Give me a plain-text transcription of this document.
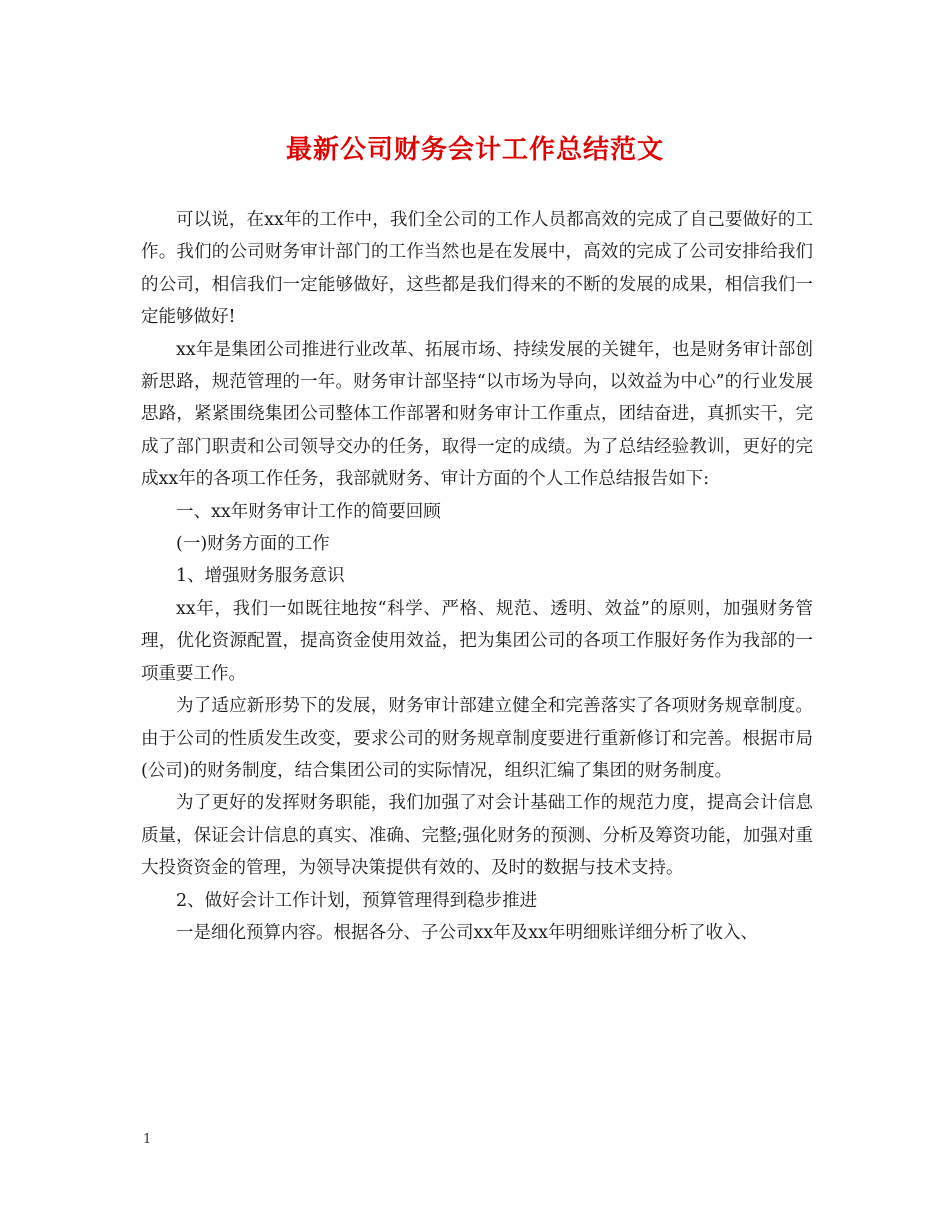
最新公司财务会计工作总结范文

可以说，在xx年的工作中，我们全公司的工作人员都高效的完成了自己要做好的工作。我们的公司财务审计部门的工作当然也是在发展中，高效的完成了公司安排给我们的公司，相信我们一定能够做好，这些都是我们得来的不断的发展的成果，相信我们一定能够做好!

xx年是集团公司推进行业改革、拓展市场、持续发展的关键年，也是财务审计部创新思路，规范管理的一年。财务审计部坚持“以市场为导向，以效益为中心”的行业发展思路，紧紧围绕集团公司整体工作部署和财务审计工作重点，团结奋进，真抓实干，完成了部门职责和公司领导交办的任务，取得一定的成绩。为了总结经验教训，更好的完成xx年的各项工作任务，我部就财务、审计方面的个人工作总结报告如下:

一、xx年财务审计工作的简要回顾

(一)财务方面的工作

1、增强财务服务意识

xx年，我们一如既往地按“科学、严格、规范、透明、效益”的原则，加强财务管理，优化资源配置，提高资金使用效益，把为集团公司的各项工作服好务作为我部的一项重要工作。

为了适应新形势下的发展，财务审计部建立健全和完善落实了各项财务规章制度。由于公司的性质发生改变，要求公司的财务规章制度要进行重新修订和完善。根据市局(公司)的财务制度，结合集团公司的实际情况，组织汇编了集团的财务制度。

为了更好的发挥财务职能，我们加强了对会计基础工作的规范力度，提高会计信息质量，保证会计信息的真实、准确、完整;强化财务的预测、分析及筹资功能，加强对重大投资资金的管理，为领导决策提供有效的、及时的数据与技术支持。

2、做好会计工作计划，预算管理得到稳步推进

一是细化预算内容。根据各分、子公司xx年及xx年明细账详细分析了收入、

1
